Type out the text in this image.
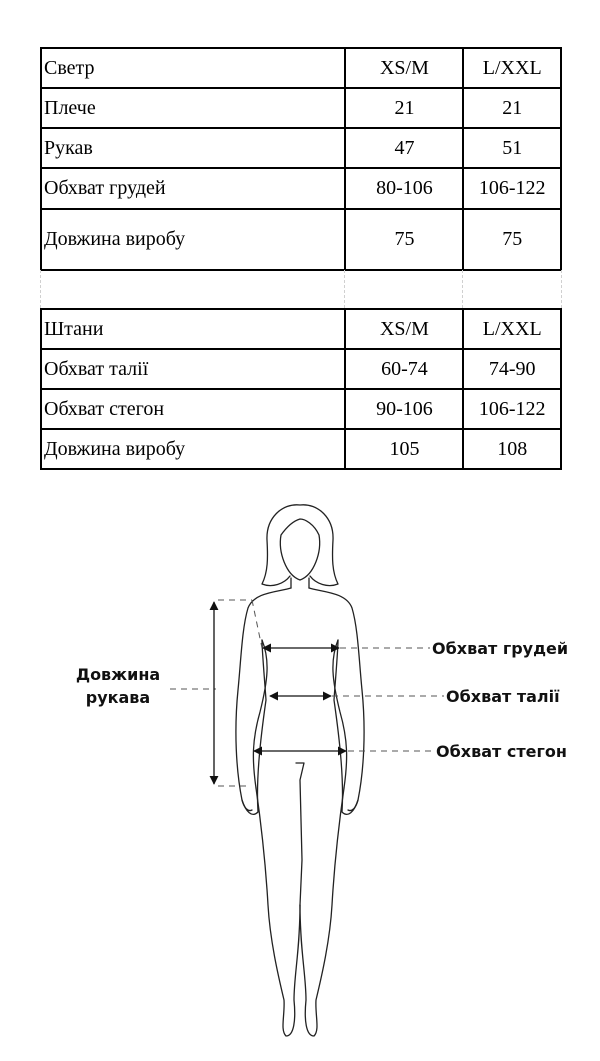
Светр	XS/M	L/XXL
Плече	21	21
Рукав	47	51
Обхват грудей	80-106	106-122
Довжина виробу	75	75
Штани	XS/M	L/XXL
Обхват талії	60-74	74-90
Обхват стегон	90-106	106-122
Довжина виробу	105	108
Довжина
рукава
Обхват грудей
Обхват талії
Обхват стегон
